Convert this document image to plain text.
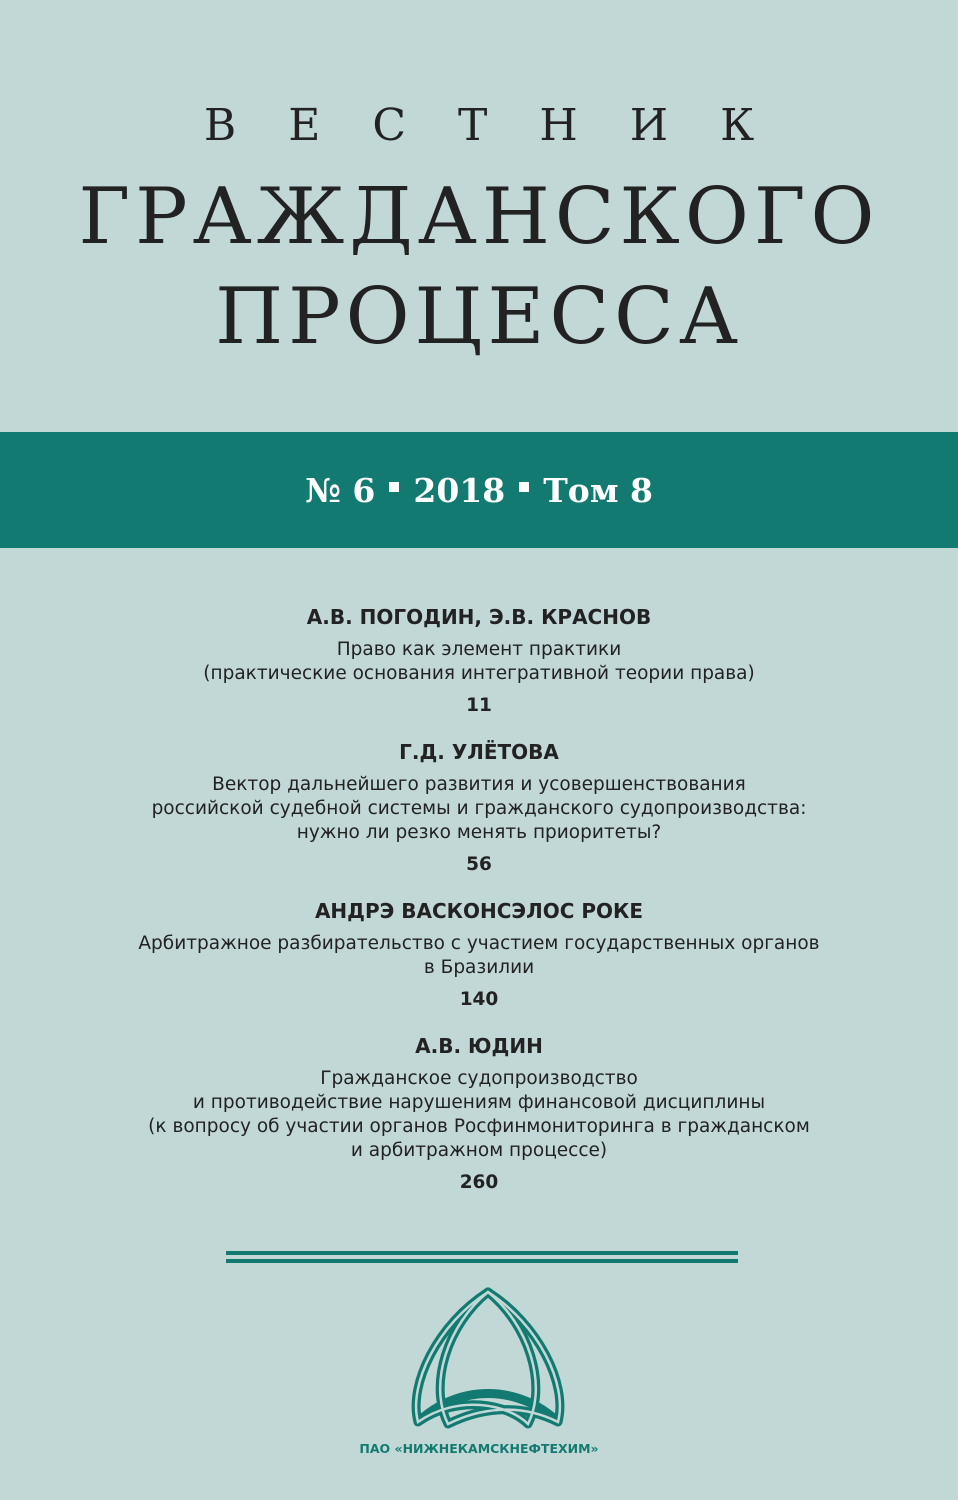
ВЕСТНИК
ГРАЖДАНСКОГО
ПРОЦЕССА
№ 6 2018 Том 8
А.В. ПОГОДИН, Э.В. КРАСНОВ
Право как элемент практики
(практические основания интегративной теории права)
11
Г.Д. УЛЁТОВА
Вектор дальнейшего развития и усовершенствования
российской судебной системы и гражданского судопроизводства:
нужно ли резко менять приоритеты?
56
АНДРЭ ВАСКОНСЭЛОС РОКЕ
Арбитражное разбирательство с участием государственных органов
в Бразилии
140
А.В. ЮДИН
Гражданское судопроизводство
и противодействие нарушениям финансовой дисциплины
(к вопросу об участии органов Росфинмониторинга в гражданском
и арбитражном процессе)
260
ПАО «НИЖНЕКАМСКНЕФТЕХИМ»
